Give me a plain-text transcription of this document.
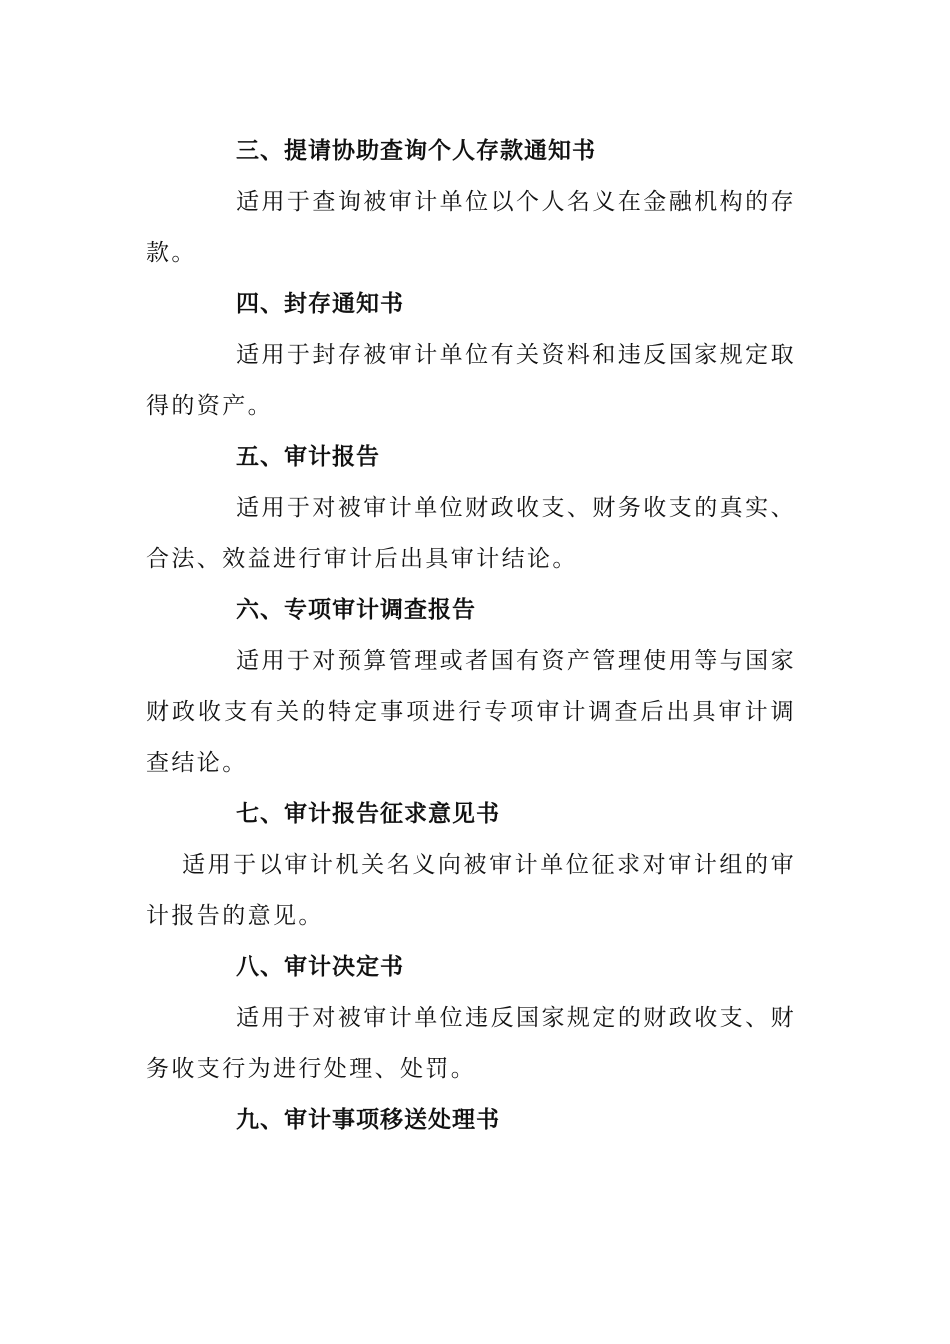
三、提请协助查询个人存款通知书

适用于查询被审计单位以个人名义在金融机构的存款。

四、封存通知书

适用于封存被审计单位有关资料和违反国家规定取得的资产。

五、审计报告

适用于对被审计单位财政收支、财务收支的真实、合法、效益进行审计后出具审计结论。

六、专项审计调查报告

适用于对预算管理或者国有资产管理使用等与国家财政收支有关的特定事项进行专项审计调查后出具审计调查结论。

七、审计报告征求意见书

适用于以审计机关名义向被审计单位征求对审计组的审计报告的意见。

八、审计决定书

适用于对被审计单位违反国家规定的财政收支、财务收支行为进行处理、处罚。

九、审计事项移送处理书
